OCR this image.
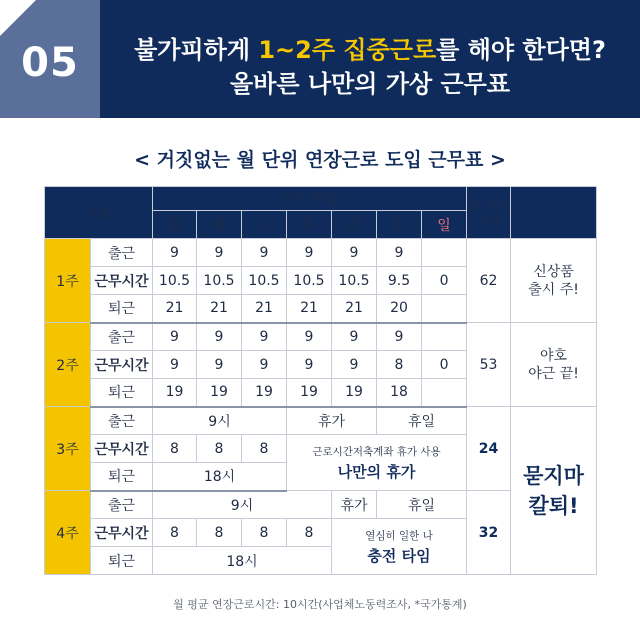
05	불가피하게 1~2주 집중근로를 해야 한다면?
올바른 나만의 가상 근무표
< 거짓없는 월 단위 연장근로 도입 근무표 >
구분		근무 편성							총 근로
시간	
		월	화	수	목	금	토	일		
1주	출근	9	9	9	9	9	9		62	신상품
출시 주!
	근무시간	10.5	10.5	10.5	10.5	10.5	9.5	0		
	퇴근	21	21	21	21	21	20			
2주	출근	9	9	9	9	9	9		53	야호
야근 끝!
	근무시간	9	9	9	9	9	8	0		
	퇴근	19	19	19	19	19	18			
3주	출근	9시			휴가		휴일		24	묻지마
칼퇴!
	근무시간	8	8	8	근로시간저축계좌 휴가 사용
나만의 휴가					

	퇴근	18시								
4주	출근	9시				휴가	휴일		32	
	근무시간	8	8	8	8	열심히 일한 나
충전 타임				

	퇴근	18시								
월 평균 연장근로시간: 10시간(사업체노동력조사, *국가통계)
